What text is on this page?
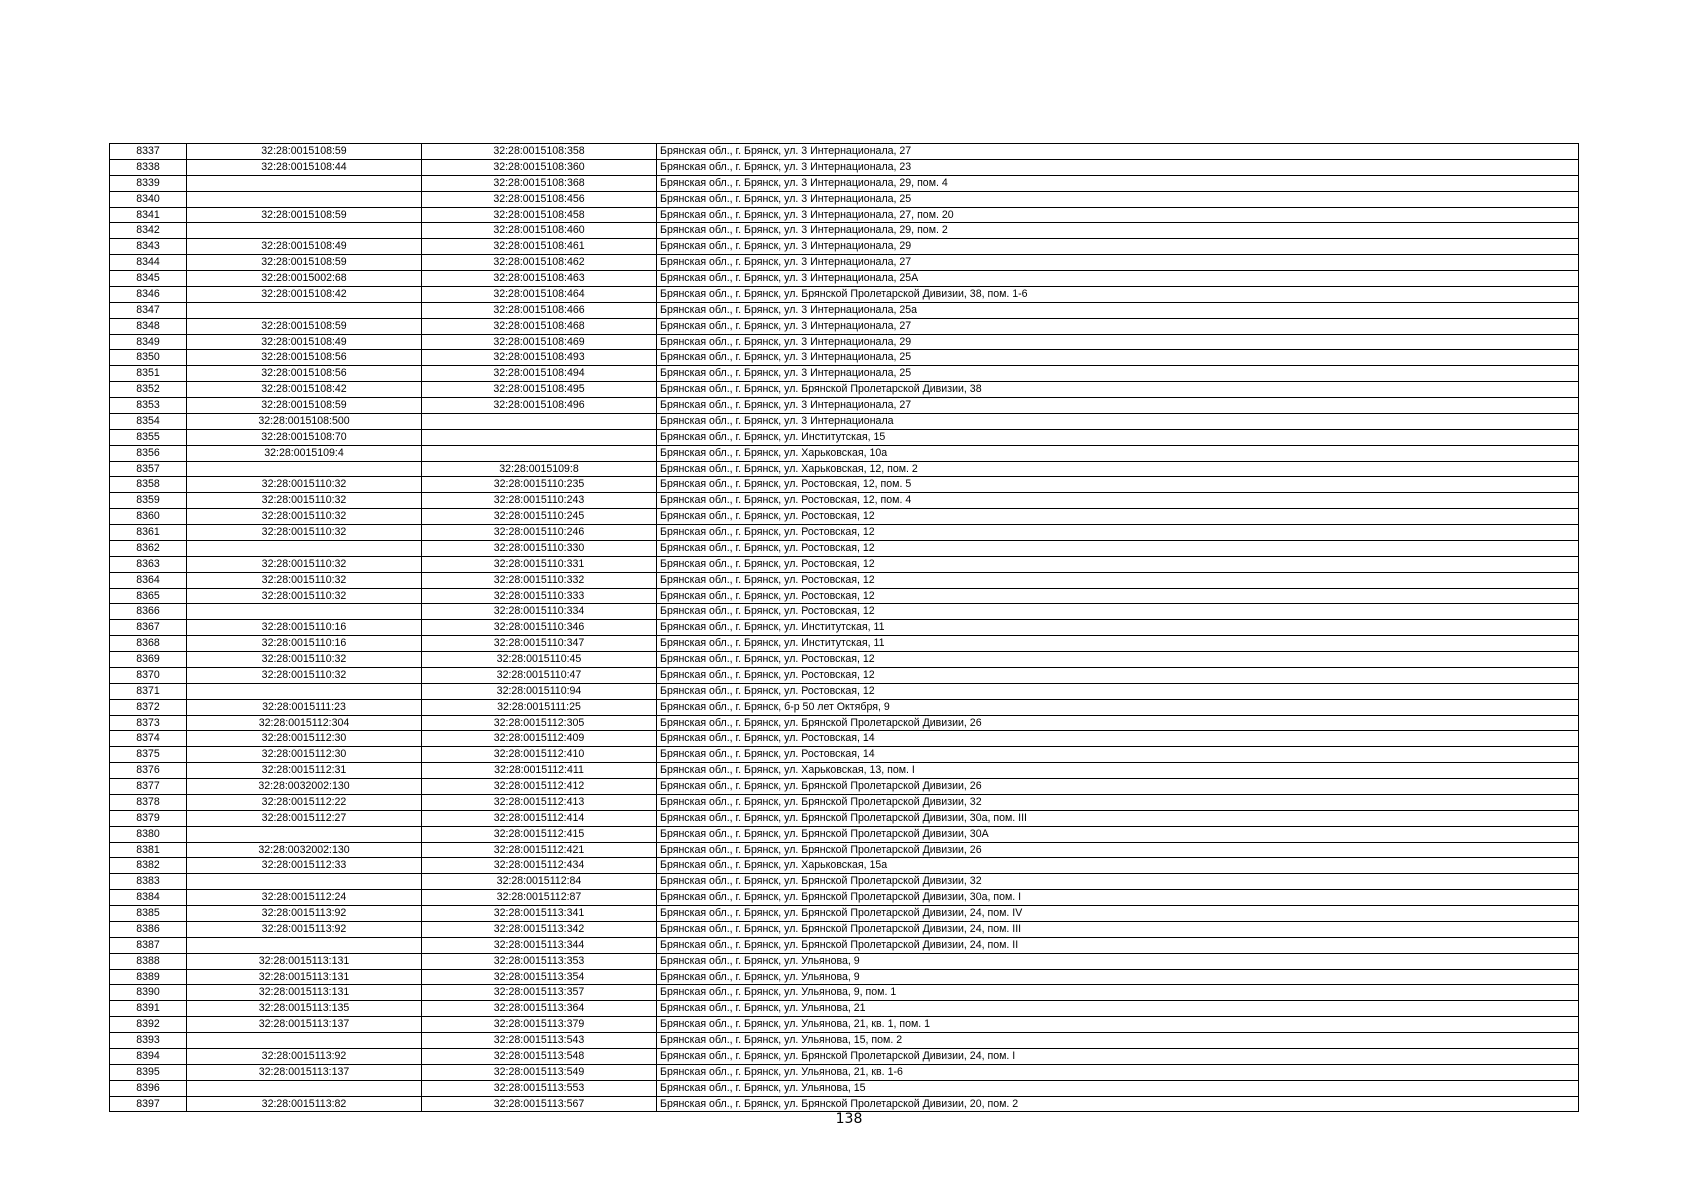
8337	32:28:0015108:59	32:28:0015108:358	Брянская обл., г. Брянск, ул. 3 Интернационала, 27
8338	32:28:0015108:44	32:28:0015108:360	Брянская обл., г. Брянск, ул. 3 Интернационала, 23
8339		32:28:0015108:368	Брянская обл., г. Брянск, ул. 3 Интернационала, 29, пом. 4
8340		32:28:0015108:456	Брянская обл., г. Брянск, ул. 3 Интернационала, 25
8341	32:28:0015108:59	32:28:0015108:458	Брянская обл., г. Брянск, ул. 3 Интернационала, 27, пом. 20
8342		32:28:0015108:460	Брянская обл., г. Брянск, ул. 3 Интернационала, 29, пом. 2
8343	32:28:0015108:49	32:28:0015108:461	Брянская обл., г. Брянск, ул. 3 Интернационала, 29
8344	32:28:0015108:59	32:28:0015108:462	Брянская обл., г. Брянск, ул. 3 Интернационала, 27
8345	32:28:0015002:68	32:28:0015108:463	Брянская обл., г. Брянск, ул. 3 Интернационала, 25А
8346	32:28:0015108:42	32:28:0015108:464	Брянская обл., г. Брянск, ул. Брянской Пролетарской Дивизии, 38, пом. 1-6
8347		32:28:0015108:466	Брянская обл., г. Брянск, ул. 3 Интернационала, 25а
8348	32:28:0015108:59	32:28:0015108:468	Брянская обл., г. Брянск, ул. 3 Интернационала, 27
8349	32:28:0015108:49	32:28:0015108:469	Брянская обл., г. Брянск, ул. 3 Интернационала, 29
8350	32:28:0015108:56	32:28:0015108:493	Брянская обл., г. Брянск, ул. 3 Интернационала, 25
8351	32:28:0015108:56	32:28:0015108:494	Брянская обл., г. Брянск, ул. 3 Интернационала, 25
8352	32:28:0015108:42	32:28:0015108:495	Брянская обл., г. Брянск, ул. Брянской Пролетарской Дивизии, 38
8353	32:28:0015108:59	32:28:0015108:496	Брянская обл., г. Брянск, ул. 3 Интернационала, 27
8354	32:28:0015108:500		Брянская обл., г. Брянск, ул. 3 Интернационала
8355	32:28:0015108:70		Брянская обл., г. Брянск, ул. Институтская, 15
8356	32:28:0015109:4		Брянская обл., г. Брянск, ул. Харьковская, 10а
8357		32:28:0015109:8	Брянская обл., г. Брянск, ул. Харьковская, 12, пом. 2
8358	32:28:0015110:32	32:28:0015110:235	Брянская обл., г. Брянск, ул. Ростовская, 12, пом. 5
8359	32:28:0015110:32	32:28:0015110:243	Брянская обл., г. Брянск, ул. Ростовская, 12, пом. 4
8360	32:28:0015110:32	32:28:0015110:245	Брянская обл., г. Брянск, ул. Ростовская, 12
8361	32:28:0015110:32	32:28:0015110:246	Брянская обл., г. Брянск, ул. Ростовская, 12
8362		32:28:0015110:330	Брянская обл., г. Брянск, ул. Ростовская, 12
8363	32:28:0015110:32	32:28:0015110:331	Брянская обл., г. Брянск, ул. Ростовская, 12
8364	32:28:0015110:32	32:28:0015110:332	Брянская обл., г. Брянск, ул. Ростовская, 12
8365	32:28:0015110:32	32:28:0015110:333	Брянская обл., г. Брянск, ул. Ростовская, 12
8366		32:28:0015110:334	Брянская обл., г. Брянск, ул. Ростовская, 12
8367	32:28:0015110:16	32:28:0015110:346	Брянская обл., г. Брянск, ул. Институтская, 11
8368	32:28:0015110:16	32:28:0015110:347	Брянская обл., г. Брянск, ул. Институтская, 11
8369	32:28:0015110:32	32:28:0015110:45	Брянская обл., г. Брянск, ул. Ростовская, 12
8370	32:28:0015110:32	32:28:0015110:47	Брянская обл., г. Брянск, ул. Ростовская, 12
8371		32:28:0015110:94	Брянская обл., г. Брянск, ул. Ростовская, 12
8372	32:28:0015111:23	32:28:0015111:25	Брянская обл., г. Брянск, б-р 50 лет Октября, 9
8373	32:28:0015112:304	32:28:0015112:305	Брянская обл., г. Брянск, ул. Брянской Пролетарской Дивизии, 26
8374	32:28:0015112:30	32:28:0015112:409	Брянская обл., г. Брянск, ул. Ростовская, 14
8375	32:28:0015112:30	32:28:0015112:410	Брянская обл., г. Брянск, ул. Ростовская, 14
8376	32:28:0015112:31	32:28:0015112:411	Брянская обл., г. Брянск, ул. Харьковская, 13, пом. I
8377	32:28:0032002:130	32:28:0015112:412	Брянская обл., г. Брянск, ул. Брянской Пролетарской Дивизии, 26
8378	32:28:0015112:22	32:28:0015112:413	Брянская обл., г. Брянск, ул. Брянской Пролетарской Дивизии, 32
8379	32:28:0015112:27	32:28:0015112:414	Брянская обл., г. Брянск, ул. Брянской Пролетарской Дивизии, 30а, пом. III
8380		32:28:0015112:415	Брянская обл., г. Брянск, ул. Брянской Пролетарской Дивизии, 30А
8381	32:28:0032002:130	32:28:0015112:421	Брянская обл., г. Брянск, ул. Брянской Пролетарской Дивизии, 26
8382	32:28:0015112:33	32:28:0015112:434	Брянская обл., г. Брянск, ул. Харьковская, 15а
8383		32:28:0015112:84	Брянская обл., г. Брянск, ул. Брянской Пролетарской Дивизии, 32
8384	32:28:0015112:24	32:28:0015112:87	Брянская обл., г. Брянск, ул. Брянской Пролетарской Дивизии, 30а, пом. I
8385	32:28:0015113:92	32:28:0015113:341	Брянская обл., г. Брянск, ул. Брянской Пролетарской Дивизии, 24, пом. IV
8386	32:28:0015113:92	32:28:0015113:342	Брянская обл., г. Брянск, ул. Брянской Пролетарской Дивизии, 24, пом. III
8387		32:28:0015113:344	Брянская обл., г. Брянск, ул. Брянской Пролетарской Дивизии, 24, пом. II
8388	32:28:0015113:131	32:28:0015113:353	Брянская обл., г. Брянск, ул. Ульянова, 9
8389	32:28:0015113:131	32:28:0015113:354	Брянская обл., г. Брянск, ул. Ульянова, 9
8390	32:28:0015113:131	32:28:0015113:357	Брянская обл., г. Брянск, ул. Ульянова, 9, пом. 1
8391	32:28:0015113:135	32:28:0015113:364	Брянская обл., г. Брянск, ул. Ульянова, 21
8392	32:28:0015113:137	32:28:0015113:379	Брянская обл., г. Брянск, ул. Ульянова, 21, кв. 1, пом. 1
8393		32:28:0015113:543	Брянская обл., г. Брянск, ул. Ульянова, 15, пом. 2
8394	32:28:0015113:92	32:28:0015113:548	Брянская обл., г. Брянск, ул. Брянской Пролетарской Дивизии, 24, пом. I
8395	32:28:0015113:137	32:28:0015113:549	Брянская обл., г. Брянск, ул. Ульянова, 21, кв. 1-6
8396		32:28:0015113:553	Брянская обл., г. Брянск, ул. Ульянова, 15
8397	32:28:0015113:82	32:28:0015113:567	Брянская обл., г. Брянск, ул. Брянской Пролетарской Дивизии, 20, пом. 2
138
